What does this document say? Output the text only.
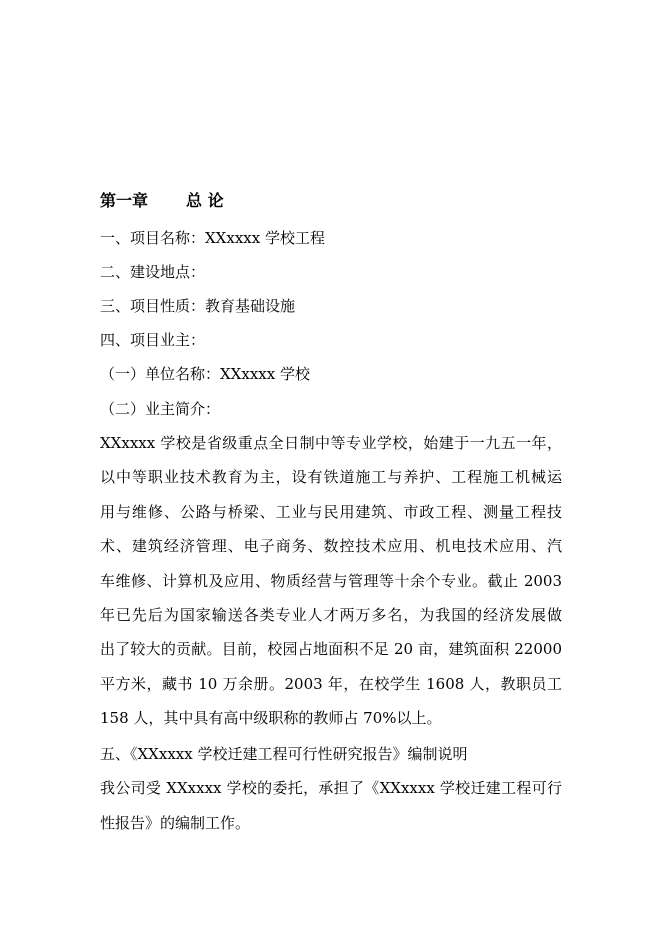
第一章 总 论
一、项目名称：XXxxxx 学校工程
二、建设地点：
三、项目性质：教育基础设施
四、项目业主：
（一）单位名称：XXxxxx 学校
（二）业主简介：
XXxxxx 学校是省级重点全日制中等专业学校，始建于一九五一年，
以中等职业技术教育为主，设有铁道施工与养护、工程施工机械运
用与维修、公路与桥梁、工业与民用建筑、市政工程、测量工程技
术、建筑经济管理、电子商务、数控技术应用、机电技术应用、汽
车维修、计算机及应用、物质经营与管理等十余个专业。截止 2003
年已先后为国家输送各类专业人才两万多名，为我国的经济发展做
出了较大的贡献。目前，校园占地面积不足 20 亩，建筑面积 22000
平方米，藏书 10 万余册。2003 年，在校学生 1608 人，教职员工
158 人，其中具有高中级职称的教师占 70%以上。
五、《XXxxxx 学校迁建工程可行性研究报告》编制说明
我公司受 XXxxxx 学校的委托，承担了《XXxxxx 学校迁建工程可行
性报告》的编制工作。
